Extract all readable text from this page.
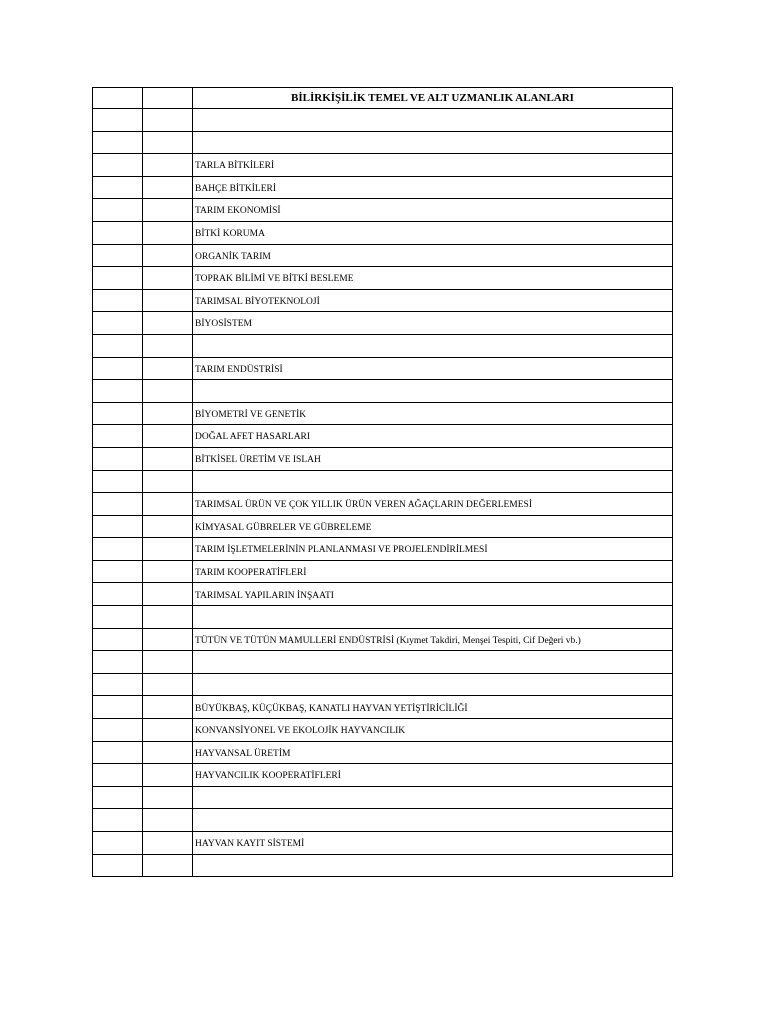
		BİLİRKİŞİLİK TEMEL VE ALT UZMANLIK ALANLARI

		TARLA BİTKİLERİ
		BAHÇE BİTKİLERİ
		TARIM EKONOMİSİ
		BİTKİ KORUMA
		ORGANİK TARIM
		TOPRAK BİLİMİ VE BİTKİ BESLEME
		TARIMSAL BİYOTEKNOLOJİ
		BİYOSİSTEM

		TARIM ENDÜSTRİSİ

		BİYOMETRİ VE GENETİK
		DOĞAL AFET HASARLARI
		BİTKİSEL ÜRETİM VE ISLAH

		TARIMSAL ÜRÜN VE ÇOK YILLIK ÜRÜN VEREN AĞAÇLARIN DEĞERLEMESİ
		KİMYASAL GÜBRELER VE GÜBRELEME
		TARIM İŞLETMELERİNİN PLANLANMASI VE PROJELENDİRİLMESİ
		TARIM KOOPERATİFLERİ
		TARIMSAL YAPILARIN İNŞAATI

		TÜTÜN VE TÜTÜN MAMULLERİ ENDÜSTRİSİ (Kıymet Takdiri, Menşei Tespiti, Cif Değeri vb.)

		BÜYÜKBAŞ, KÜÇÜKBAŞ, KANATLI HAYVAN YETİŞTİRİCİLİĞİ
		KONVANSİYONEL VE EKOLOJİK HAYVANCILIK
		HAYVANSAL ÜRETİM
		HAYVANCILIK KOOPERATİFLERİ

		HAYVAN KAYIT SİSTEMİ
